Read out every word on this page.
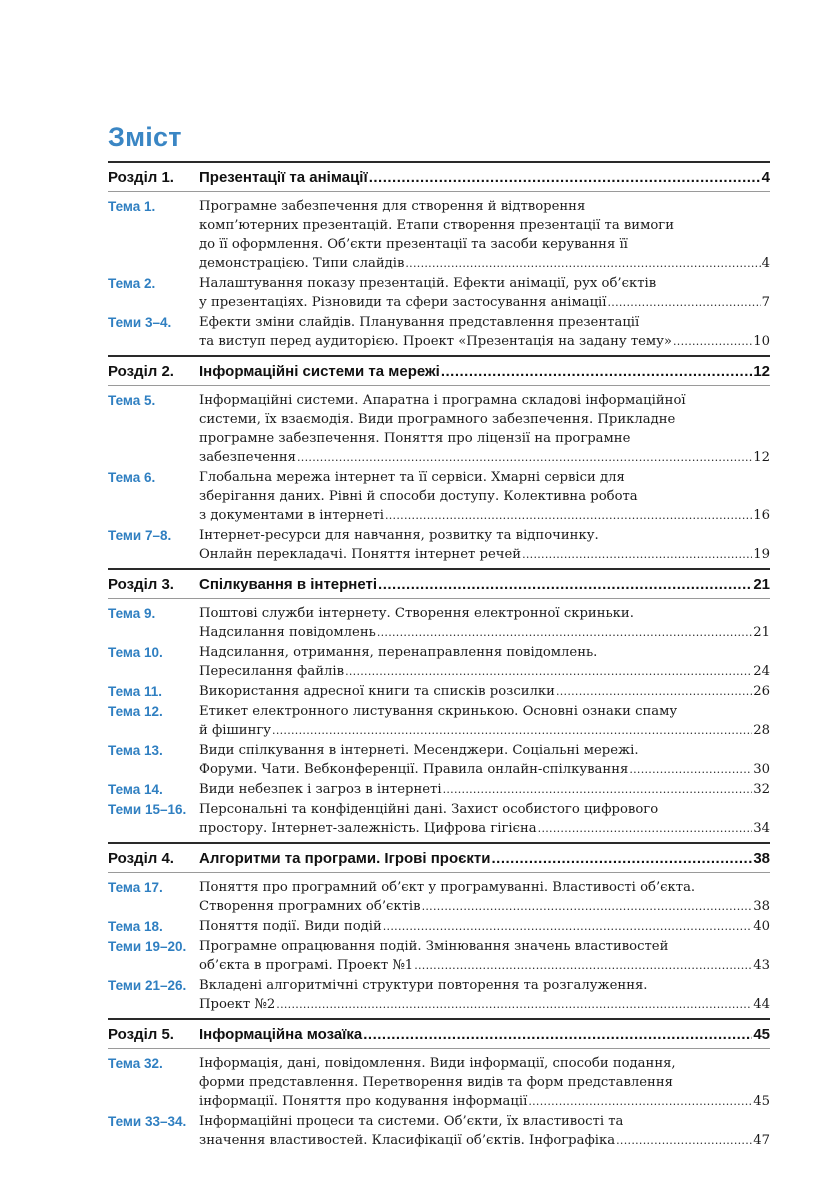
Зміст
Розділ 1.	Презентації та анімації .....	4
Тема 1.	Програмне забезпечення для створення й відтворення
комп’ютерних презентацій. Етапи створення презентації та вимоги
до її оформлення. Об’єкти презентації та засоби керування її
демонстрацією. Типи слайдів .....	4
Тема 2.	Налаштування показу презентацій. Ефекти анімації, рух об’єктів
у презентаціях. Різновиди та сфери застосування анімації .....	7
Теми 3–4.	Ефекти зміни слайдів. Планування представлення презентації
та виступ перед аудиторією. Проект «Презентація на задану тему» .....	10
Розділ 2.	Інформаційні системи та мережі .....	12
Тема 5.	Інформаційні системи. Апаратна і програмна складові інформаційної
системи, їх взаємодія. Види програмного забезпечення. Прикладне
програмне забезпечення. Поняття про ліцензії на програмне
забезпечення .....	12
Тема 6.	Глобальна мережа інтернет та її сервіси. Хмарні сервіси для
зберігання даних. Рівні й способи доступу. Колективна робота
з документами в інтернеті .....	16
Теми 7–8.	Інтернет-ресурси для навчання, розвитку та відпочинку.
Онлайн перекладачі. Поняття інтернет речей .....	19
Розділ 3.	Спілкування в інтернеті .....	21
Тема 9.	Поштові служби інтернету. Створення електронної скриньки.
Надсилання повідомлень .....	21
Тема 10.	Надсилання, отримання, перенаправлення повідомлень.
Пересилання файлів .....	24
Тема 11.	Використання адресної книги та списків розсилки .....	26
Тема 12.	Етикет електронного листування скринькою. Основні ознаки спаму
й фішингу .....	28
Тема 13.	Види спілкування в інтернеті. Месенджери. Соціальні мережі.
Форуми. Чати. Вебконференції. Правила онлайн-спілкування .....	30
Тема 14.	Види небезпек і загроз в інтернеті .....	32
Теми 15–16. Персональні та конфіденційні дані. Захист особистого цифрового
простору. Інтернет-залежність. Цифрова гігієна .....	34
Розділ 4.	Алгоритми та програми. Ігрові проєкти .....	38
Тема 17.	Поняття про програмний об’єкт у програмуванні. Властивості об’єкта.
Створення програмних об’єктів .....	38
Тема 18.	Поняття події. Види подій .....	40
Теми 19–20. Програмне опрацювання подій. Змінювання значень властивостей
об’єкта в програмі. Проект №1 .....	43
Теми 21–26. Вкладені алгоритмічні структури повторення та розгалуження.
Проект №2 .....	44
Розділ 5.	Інформаційна мозаїка .....	45
Тема 32.	Інформація, дані, повідомлення. Види інформації, способи подання,
форми представлення. Перетворення видів та форм представлення
інформації. Поняття про кодування інформації .....	45
Теми 33–34. Інформаційні процеси та системи. Об’єкти, їх властивості та
значення властивостей. Класифікації об’єктів. Інфографіка .....	47
